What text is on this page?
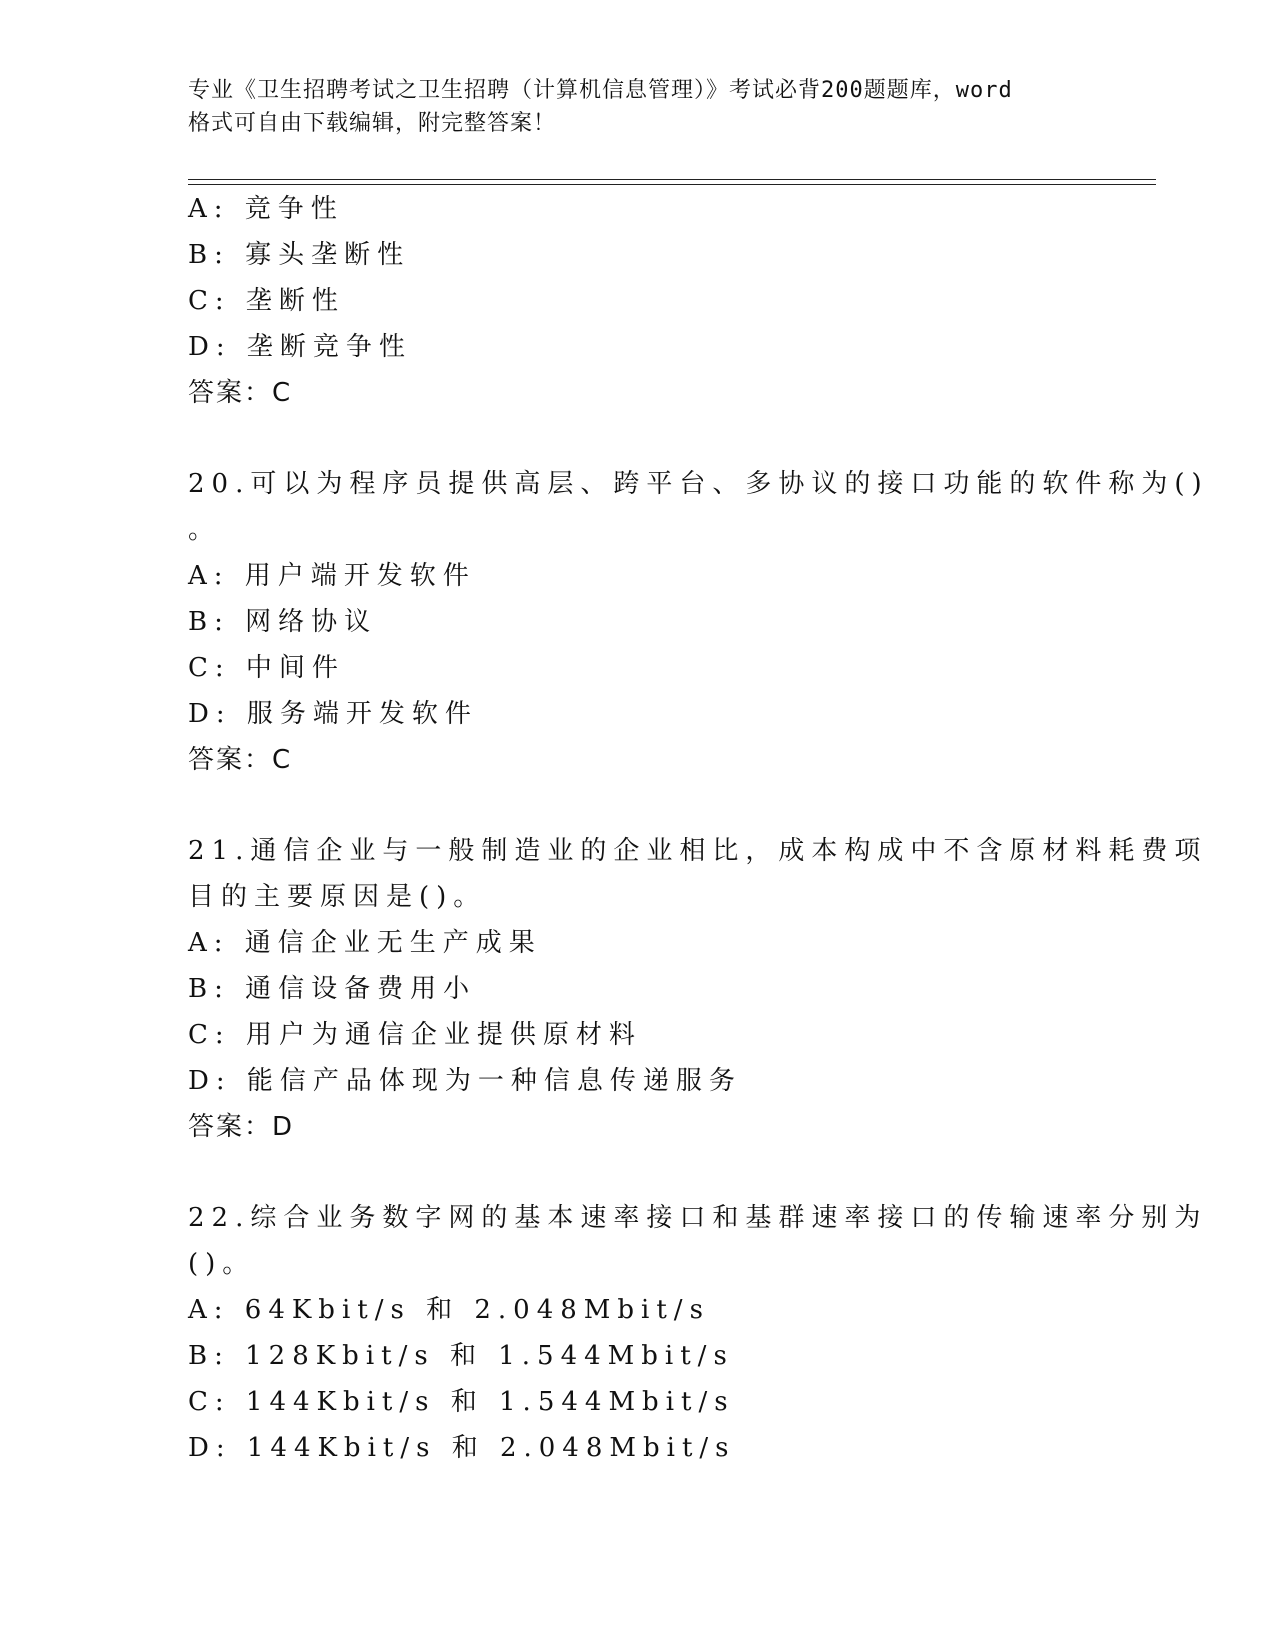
专业《卫生招聘考试之卫生招聘（计算机信息管理）》考试必背200题题库，word
格式可自由下载编辑，附完整答案！
A: 竞争性
B: 寡头垄断性
C: 垄断性
D: 垄断竞争性
答案：C
20.可以为程序员提供高层、跨平台、多协议的接口功能的软件称为()
。
A: 用户端开发软件
B: 网络协议
C: 中间件
D: 服务端开发软件
答案：C
21.通信企业与一般制造业的企业相比，成本构成中不含原材料耗费项
目的主要原因是()。
A: 通信企业无生产成果
B: 通信设备费用小
C: 用户为通信企业提供原材料
D: 能信产品体现为一种信息传递服务
答案：D
22.综合业务数字网的基本速率接口和基群速率接口的传输速率分别为
()。
A: 64Kbit/s 和 2.048Mbit/s
B: 128Kbit/s 和 1.544Mbit/s
C: 144Kbit/s 和 1.544Mbit/s
D: 144Kbit/s 和 2.048Mbit/s
